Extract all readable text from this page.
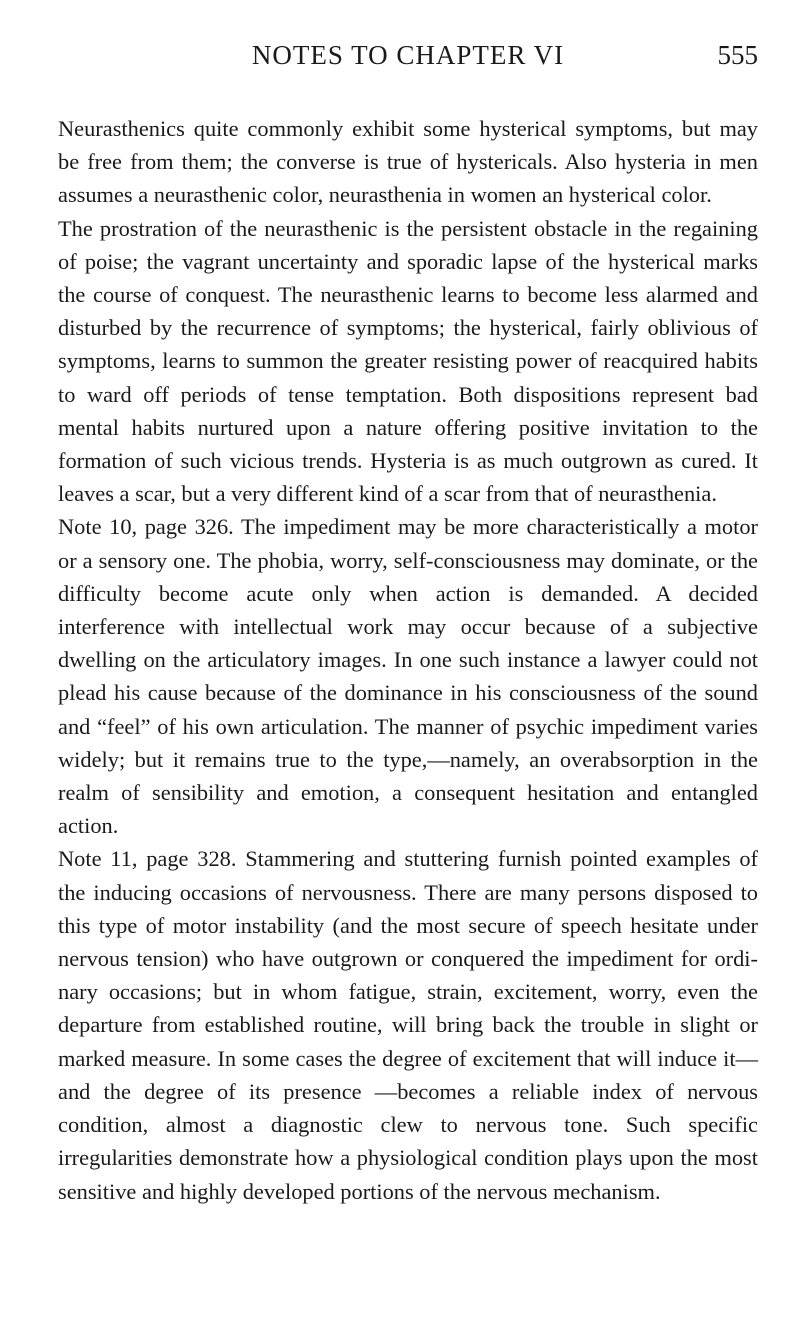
NOTES TO CHAPTER VI	555

Neurasthenics quite commonly exhibit some hysterical symptoms, but may be free from them; the converse is true of hystericals. Also hysteria in men assumes a neurasthenic color, neurasthenia in women an hysterical color.

The prostration of the neurasthenic is the persistent obstacle in the regaining of poise; the vagrant uncertainty and sporadic lapse of the hysterical marks the course of conquest. The neurasthenic learns to become less alarmed and disturbed by the recurrence of symptoms; the hysterical, fairly oblivious of symptoms, learns to summon the greater resisting power of reacquired habits to ward off periods of tense temptation. Both dispositions represent bad mental habits nurtured upon a nature offering positive invitation to the formation of such vicious trends. Hysteria is as much outgrown as cured. It leaves a scar, but a very different kind of a scar from that of neurasthenia.

Note 10, page 326. The impediment may be more characteristically a motor or a sensory one. The phobia, worry, self-consciousness may dominate, or the difficulty become acute only when action is demanded. A decided interference with intellectual work may occur because of a subjective dwelling on the articulatory images. In one such instance a lawyer could not plead his cause because of the dominance in his consciousness of the sound and “feel” of his own articulation. The manner of psychic impediment varies widely; but it remains true to the type,—namely, an overabsorption in the realm of sensibility and emotion, a consequent hesitation and entangled action.

Note 11, page 328. Stammering and stuttering furnish pointed examples of the inducing occasions of nervousness. There are many persons disposed to this type of motor instability (and the most secure of speech hesitate under nervous tension) who have outgrown or conquered the impediment for ordinary occasions; but in whom fatigue, strain, excitement, worry, even the departure from established routine, will bring back the trouble in slight or marked measure. In some cases the degree of excitement that will induce it—and the degree of its presence —becomes a reliable index of nervous condition, almost a diagnostic clew to nervous tone. Such specific irregularities demonstrate how a physiological condition plays upon the most sensitive and highly developed portions of the nervous mechanism.
